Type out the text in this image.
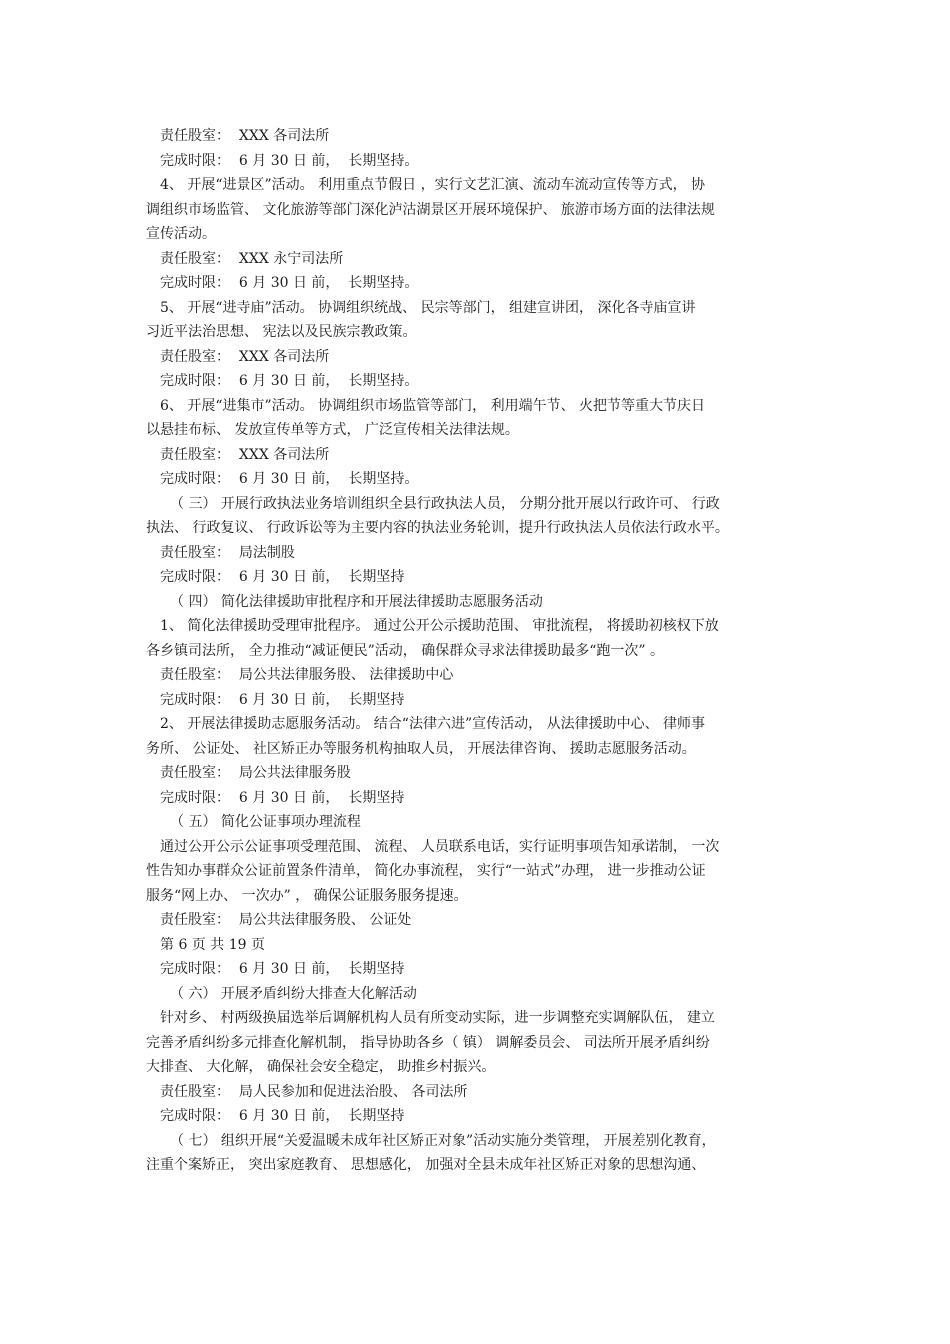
责任股室：  XXX 各司法所
完成时限：  6 月 30 日 前，  长期坚持。
4、 开展“进景区”活动。 利用重点节假日 ，实行文艺汇演、流动车流动宣传等方式， 协
调组织市场监管、 文化旅游等部门深化泸沽湖景区开展环境保护、 旅游市场方面的法律法规
宣传活动。
责任股室：  XXX 永宁司法所
完成时限：  6 月 30 日 前，  长期坚持。
5、 开展“进寺庙”活动。 协调组织统战、 民宗等部门， 组建宣讲团， 深化各寺庙宣讲
习近平法治思想、 宪法以及民族宗教政策。
责任股室：  XXX 各司法所
完成时限：  6 月 30 日 前，  长期坚持。
6、 开展“进集市”活动。 协调组织市场监管等部门， 利用端午节、 火把节等重大节庆日
以悬挂布标、 发放宣传单等方式， 广泛宣传相关法律法规。
责任股室：  XXX 各司法所
完成时限：  6 月 30 日 前，  长期坚持。
（ 三） 开展行政执法业务培训组织全县行政执法人员， 分期分批开展以行政许可、 行政
执法、 行政复议、 行政诉讼等为主要内容的执法业务轮训，提升行政执法人员依法行政水平。
责任股室：  局法制股
完成时限：  6 月 30 日 前，  长期坚持
（ 四） 简化法律援助审批程序和开展法律援助志愿服务活动
1、 简化法律援助受理审批程序。 通过公开公示援助范围、 审批流程， 将援助初核权下放
各乡镇司法所， 全力推动“减证便民”活动， 确保群众寻求法律援助最多“跑一次” 。
责任股室：  局公共法律服务股、 法律援助中心
完成时限：  6 月 30 日 前，  长期坚持
2、 开展法律援助志愿服务活动。 结合“法律六进”宣传活动， 从法律援助中心、 律师事
务所、 公证处、 社区矫正办等服务机构抽取人员， 开展法律咨询、 援助志愿服务活动。
责任股室：  局公共法律服务股
完成时限：  6 月 30 日 前，  长期坚持
（ 五） 简化公证事项办理流程
通过公开公示公证事项受理范围、 流程、 人员联系电话，实行证明事项告知承诺制， 一次
性告知办事群众公证前置条件清单， 简化办事流程， 实行“一站式”办理， 进一步推动公证
服务“网上办、 一次办” ， 确保公证服务服务提速。
责任股室：  局公共法律服务股、 公证处
第 6 页 共 19 页
完成时限：  6 月 30 日 前，  长期坚持
（ 六） 开展矛盾纠纷大排查大化解活动
针对乡、 村两级换届选举后调解机构人员有所变动实际，进一步调整充实调解队伍， 建立
完善矛盾纠纷多元排查化解机制， 指导协助各乡（ 镇） 调解委员会、 司法所开展矛盾纠纷
大排查、 大化解， 确保社会安全稳定， 助推乡村振兴。
责任股室：  局人民参加和促进法治股、 各司法所
完成时限：  6 月 30 日 前，  长期坚持
（ 七） 组织开展“关爱温暖未成年社区矫正对象”活动实施分类管理， 开展差别化教育，
注重个案矫正， 突出家庭教育、 思想感化， 加强对全县未成年社区矫正对象的思想沟通、
